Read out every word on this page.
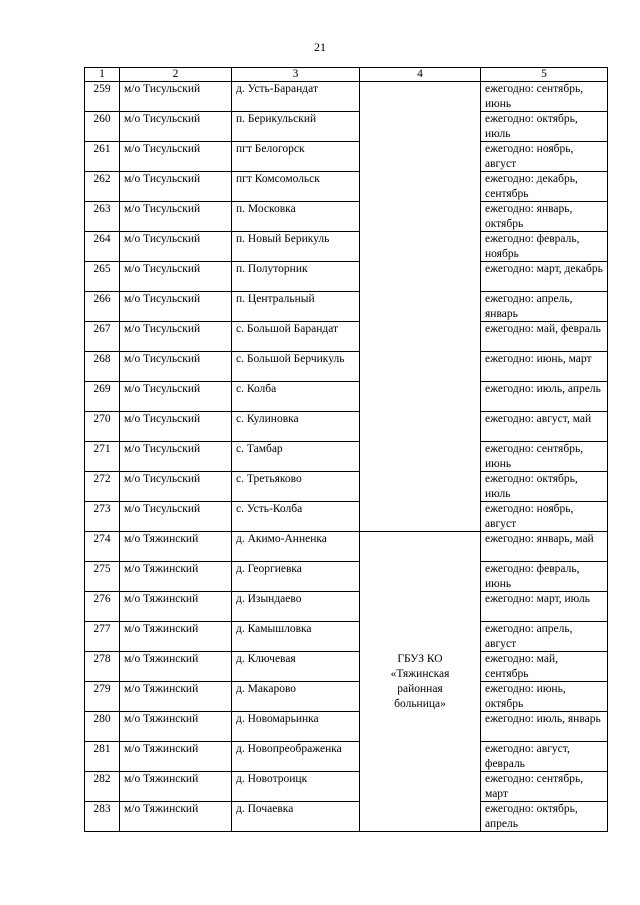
21
1	2	3	4	5
259	м/о Тисульский	д. Усть-Барандат		ежегодно: сентябрь, июнь
260	м/о Тисульский	п. Берикульский		ежегодно: октябрь, июль
261	м/о Тисульский	пгт Белогорск		ежегодно: ноябрь, август
262	м/о Тисульский	пгт Комсомольск		ежегодно: декабрь, сентябрь
263	м/о Тисульский	п. Московка		ежегодно: январь, октябрь
264	м/о Тисульский	п. Новый Берикуль		ежегодно: февраль, ноябрь
265	м/о Тисульский	п. Полуторник		ежегодно: март, декабрь
266	м/о Тисульский	п. Центральный		ежегодно: апрель, январь
267	м/о Тисульский	с. Большой Барандат		ежегодно: май, февраль
268	м/о Тисульский	с. Большой Берчикуль		ежегодно: июнь, март
269	м/о Тисульский	с. Колба		ежегодно: июль, апрель
270	м/о Тисульский	с. Кулиновка		ежегодно: август, май
271	м/о Тисульский	с. Тамбар		ежегодно: сентябрь, июнь
272	м/о Тисульский	с. Третьяково		ежегодно: октябрь, июль
273	м/о Тисульский	с. Усть-Колба		ежегодно: ноябрь, август
274	м/о Тяжинский	д. Акимо-Анненка	ГБУЗ КО
«Тяжинская
районная
больница»	ежегодно: январь, май
275	м/о Тяжинский	д. Георгиевка		ежегодно: февраль, июнь
276	м/о Тяжинский	д. Изындаево		ежегодно: март, июль
277	м/о Тяжинский	д. Камышловка		ежегодно: апрель, август
278	м/о Тяжинский	д. Ключевая		ежегодно: май, сентябрь
279	м/о Тяжинский	д. Макарово		ежегодно: июнь, октябрь
280	м/о Тяжинский	д. Новомарьинка		ежегодно: июль, январь
281	м/о Тяжинский	д. Новопреображенка		ежегодно: август, февраль
282	м/о Тяжинский	д. Новотроицк		ежегодно: сентябрь, март
283	м/о Тяжинский	д. Почаевка		ежегодно: октябрь, апрель
